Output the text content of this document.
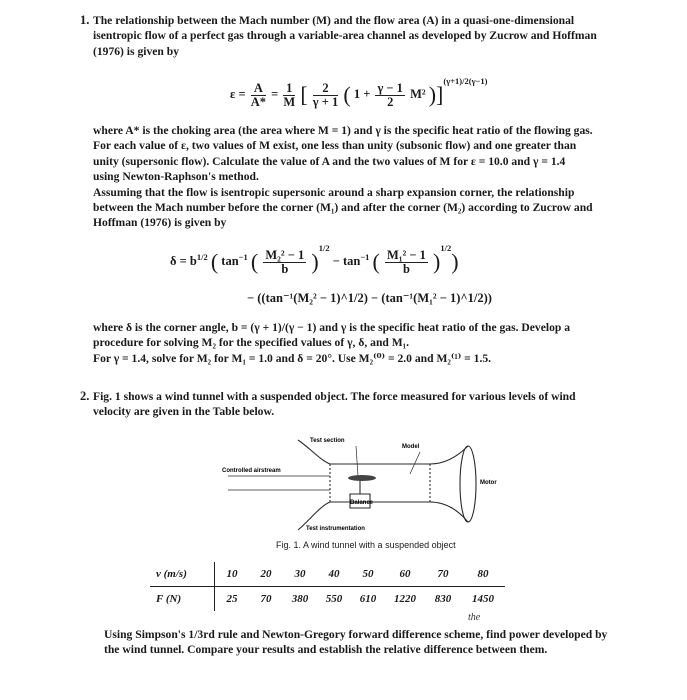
1. The relationship between the Mach number (M) and the flow area (A) in a quasi-one-dimensional
isentropic flow of a perfect gas through a variable-area channel as developed by Zucrow and Hoffman
(1976) is given by
$\varepsilon = \frac{A}{A*} = \frac{1}{M}$ [ $\frac{2}{\gamma + 1}$ ( $1 + \frac{\gamma - 1}{2} M^2$ )]$^{(\gamma+1)/2(\gamma-1)}$
where A* is the choking area (the area where M = 1) and γ is the specific heat ratio of the flowing gas.
For each value of ε, two values of M exist, one less than unity (subsonic flow) and one greater than
unity (supersonic flow). Calculate the value of A and the two values of M for ε = 10.0 and γ = 1.4
using Newton-Raphson's method.
Assuming that the flow is isentropic supersonic around a sharp expansion corner, the relationship
between the Mach number before the corner (M₁) and after the corner (M₂) according to Zucrow and
Hoffman (1976) is given by
$\delta = b^{1/2}$ ( $\tan^{-1}$ ( $\frac{\text{M₂² − 1}}{b} )^{1/2} - \tan^{-1}$ ( $\frac{\text{M₁² − 1}}{b} )^{1/2}$)
− ((tan⁻¹(M₂² − 1)^1/2) − (tan⁻¹(M₁² − 1)^1/2))
where δ is the corner angle, b = (γ + 1)/(γ − 1) and γ is the specific heat ratio of the gas. Develop a
procedure for solving M₂ for the specified values of γ, δ, and M₁.
For γ = 1.4, solve for M₂ for M₁ = 1.0 and δ = 20°. Use M₂⁽⁰⁾ = 2.0 and M₂⁽¹⁾ = 1.5.
2. Fig. 1 shows a wind tunnel with a suspended object. The force measured for various levels of wind
velocity are given in the Table below.
Test section
Model
Controlled airstream
Motor
Balance
Test instrumentation
Fig. 1. A wind tunnel with a suspended object
v (m/s)	10	20	30	40	50	60	70	80
F (N)	25	70	380	550	610	1220	830	1450
the
Using Simpson's 1/3rd rule and Newton-Gregory forward difference scheme, find power developed by
the wind tunnel. Compare your results and establish the relative difference between them.
